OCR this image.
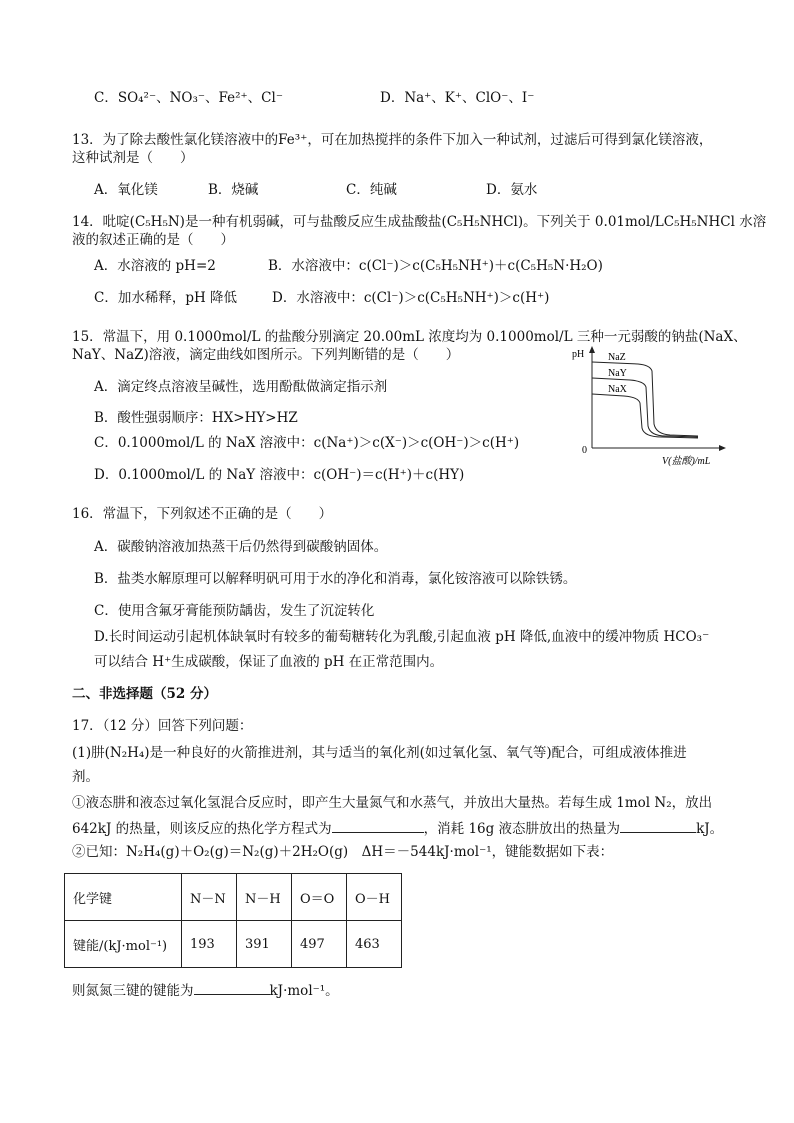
C．SO₄²⁻、NO₃⁻、Fe²⁺、Cl⁻	D．Na⁺、K⁺、ClO⁻、I⁻
13．为了除去酸性氯化镁溶液中的Fe³⁺，可在加热搅拌的条件下加入一种试剂，过滤后可得到氯化镁溶液，
这种试剂是（　　）
A．氧化镁	B．烧碱	C．纯碱	D．氨水
14．吡啶(C₅H₅N)是一种有机弱碱，可与盐酸反应生成盐酸盐(C₅H₅NHCl)。下列关于 0.01mol/LC₅H₅NHCl 水溶
液的叙述正确的是（　　）
A．水溶液的 pH=2	B．水溶液中：c(Cl⁻)＞c(C₅H₅NH⁺)＋c(C₅H₅N·H₂O)
C．加水稀释，pH 降低	D．水溶液中：c(Cl⁻)＞c(C₅H₅NH⁺)＞c(H⁺)
15．常温下，用 0.1000mol/L 的盐酸分别滴定 20.00mL 浓度均为 0.1000mol/L 三种一元弱酸的钠盐(NaX、
NaY、NaZ)溶液，滴定曲线如图所示。下列判断错的是（　　）
A．滴定终点溶液呈碱性，选用酚酞做滴定指示剂
B．酸性强弱顺序：HX>HY>HZ
C．0.1000mol/L 的 NaX 溶液中：c(Na⁺)＞c(X⁻)＞c(OH⁻)＞c(H⁺)
D．0.1000mol/L 的 NaY 溶液中：c(OH⁻)＝c(H⁺)＋c(HY)
pH
0
NaZ
NaY
NaX
V(盐酸)/mL
16．常温下，下列叙述不正确的是（　　）
A．碳酸钠溶液加热蒸干后仍然得到碳酸钠固体。
B．盐类水解原理可以解释明矾可用于水的净化和消毒，氯化铵溶液可以除铁锈。
C．使用含氟牙膏能预防龋齿，发生了沉淀转化
D.长时间运动引起机体缺氧时有较多的葡萄糖转化为乳酸,引起血液 pH 降低,血液中的缓冲物质 HCO₃⁻
可以结合 H⁺生成碳酸，保证了血液的 pH 在正常范围内。
二、非选择题（52 分）
17．（12 分）回答下列问题：
(1)肼(N₂H₄)是一种良好的火箭推进剂，其与适当的氧化剂(如过氧化氢、氧气等)配合，可组成液体推进
剂。
①液态肼和液态过氧化氢混合反应时，即产生大量氮气和水蒸气，并放出大量热。若每生成 1mol N₂，放出
642kJ 的热量，则该反应的热化学方程式为	，消耗 16g 液态肼放出的热量为	kJ。
②已知：N₂H₄(g)＋O₂(g)＝N₂(g)＋2H₂O(g)　ΔH＝－544kJ·mol⁻¹，键能数据如下表：
化学键	N－N	N－H	O＝O	O－H
键能/(kJ·mol⁻¹)	193	391	497	463
则氮氮三键的键能为	kJ·mol⁻¹。
